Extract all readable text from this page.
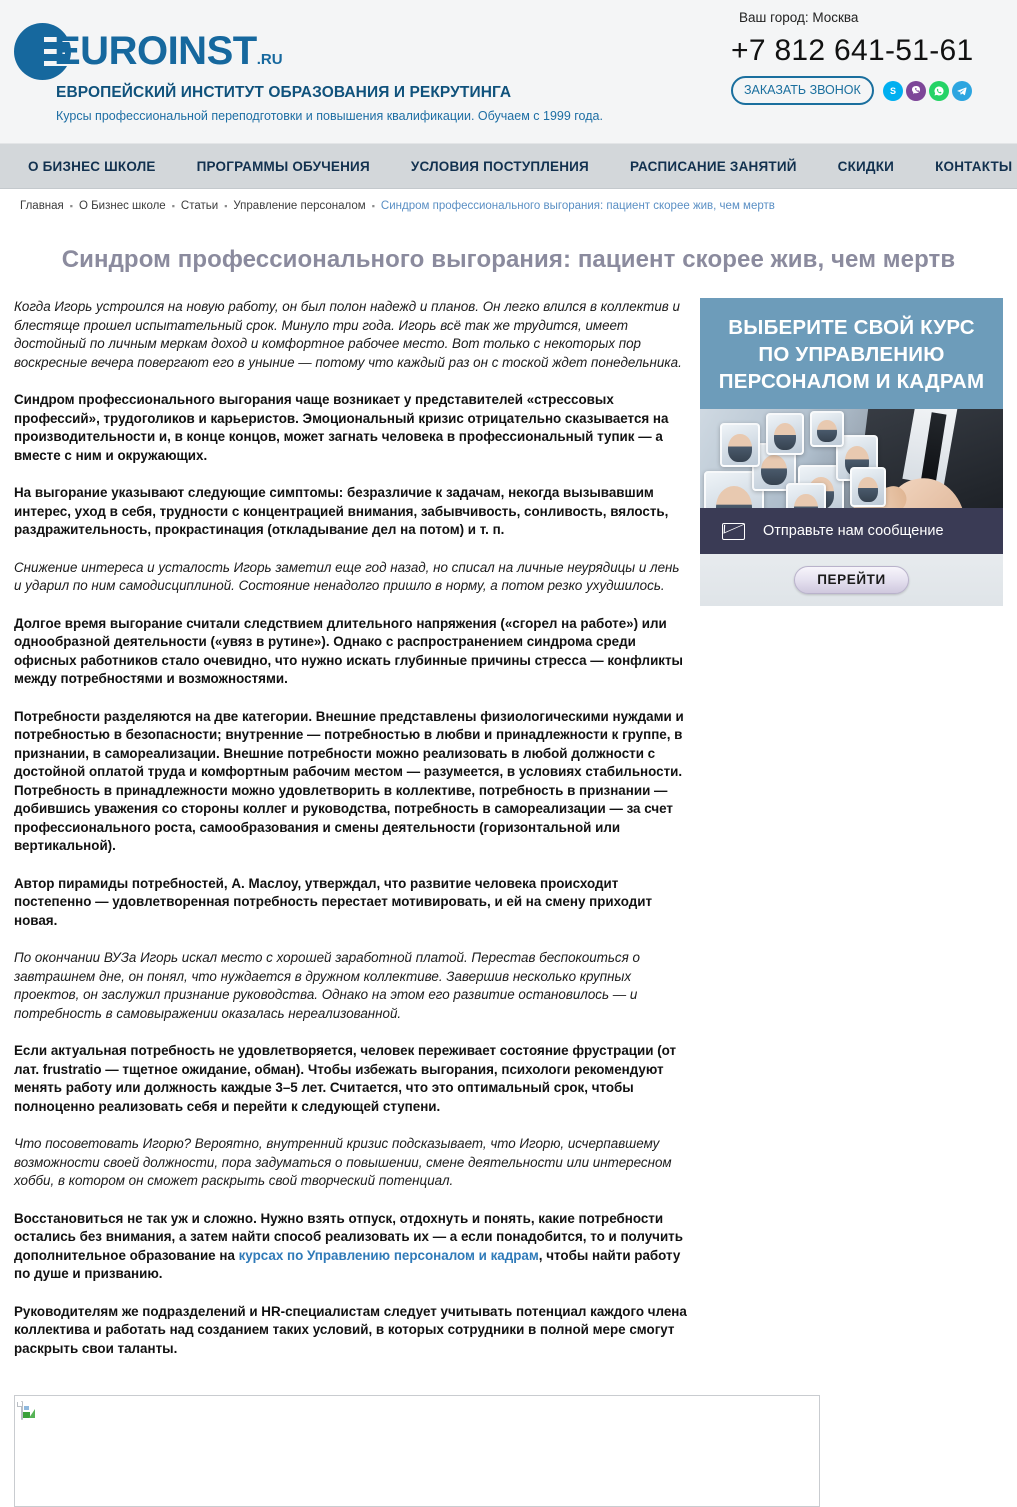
EUROINST.RU
ЕВРОПЕЙСКИЙ ИНСТИТУТ ОБРАЗОВАНИЯ И РЕКРУТИНГА
Курсы профессиональной переподготовки и повышения квалификации. Обучаем с 1999 года.
Ваш город: Москва
+7 812 641-51-61
ЗАКАЗАТЬ ЗВОНОК	S
О БИЗНЕС ШКОЛЕ	ПРОГРАММЫ ОБУЧЕНИЯ	УСЛОВИЯ ПОСТУПЛЕНИЯ	РАСПИСАНИЕ ЗАНЯТИЙ	СКИДКИ	КОНТАКТЫ
Главная ▪ О Бизнес школе ▪ Статьи ▪ Управление персоналом ▪ Синдром профессионального выгорания: пациент скорее жив, чем мертв
Синдром профессионального выгорания: пациент скорее жив, чем мертв

Когда Игорь устроился на новую работу, он был полон надежд и планов. Он легко влился в коллектив и блестяще прошел испытательный срок. Минуло три года. Игорь всё так же трудится, имеет достойный по личным меркам доход и комфортное рабочее место. Вот только с некоторых пор воскресные вечера повергают его в уныние — потому что каждый раз он с тоской ждет понедельника.

Синдром профессионального выгорания чаще возникает у представителей «стрессовых профессий», трудоголиков и карьеристов. Эмоциональный кризис отрицательно сказывается на производительности и, в конце концов, может загнать человека в профессиональный тупик — а вместе с ним и окружающих.

На выгорание указывают следующие симптомы: безразличие к задачам, некогда вызывавшим интерес, уход в себя, трудности с концентрацией внимания, забывчивость, сонливость, вялость, раздражительность, прокрастинация (откладывание дел на потом) и т. п.

Снижение интереса и усталость Игорь заметил еще год назад, но списал на личные неурядицы и лень и ударил по ним самодисциплиной. Состояние ненадолго пришло в норму, а потом резко ухудшилось.

Долгое время выгорание считали следствием длительного напряжения («сгорел на работе») или однообразной деятельности («увяз в рутине»). Однако с распространением синдрома среди офисных работников стало очевидно, что нужно искать глубинные причины стресса — конфликты между потребностями и возможностями.

Потребности разделяются на две категории. Внешние представлены физиологическими нуждами и потребностью в безопасности; внутренние — потребностью в любви и принадлежности к группе, в признании, в самореализации. Внешние потребности можно реализовать в любой должности с достойной оплатой труда и комфортным рабочим местом — разумеется, в условиях стабильности. Потребность в принадлежности можно удовлетворить в коллективе, потребность в признании — добившись уважения со стороны коллег и руководства, потребность в самореализации — за счет профессионального роста, самообразования и смены деятельности (горизонтальной или вертикальной).

Автор пирамиды потребностей, А. Маслоу, утверждал, что развитие человека происходит постепенно — удовлетворенная потребность перестает мотивировать, и ей на смену приходит новая.

По окончании ВУЗа Игорь искал место с хорошей заработной платой. Перестав беспокоиться о завтрашнем дне, он понял, что нуждается в дружном коллективе. Завершив несколько крупных проектов, он заслужил признание руководства. Однако на этом его развитие остановилось — и потребность в самовыражении оказалась нереализованной.

Если актуальная потребность не удовлетворяется, человек переживает состояние фрустрации (от лат. frustratio — тщетное ожидание, обман). Чтобы избежать выгорания, психологи рекомендуют менять работу или должность каждые 3–5 лет. Считается, что это оптимальный срок, чтобы полноценно реализовать себя и перейти к следующей ступени.

Что посоветовать Игорю? Вероятно, внутренний кризис подсказывает, что Игорю, исчерпавшему возможности своей должности, пора задуматься о повышении, смене деятельности или интересном хобби, в котором он сможет раскрыть свой творческий потенциал.

Восстановиться не так уж и сложно. Нужно взять отпуск, отдохнуть и понять, какие потребности остались без внимания, а затем найти способ реализовать их — а если понадобится, то и получить дополнительное образование на курсах по Управлению персоналом и кадрам, чтобы найти работу по душе и призванию.

Руководителям же подразделений и HR-специалистам следует учитывать потенциал каждого члена коллектива и работать над созданием таких условий, в которых сотрудники в полной мере смогут раскрыть свои таланты.

ВЫБЕРИТЕ СВОЙ КУРС
ПО УПРАВЛЕНИЮ
ПЕРСОНАЛОМ И КАДРАМ
Отправьте нам сообщение
ПЕРЕЙТИ
